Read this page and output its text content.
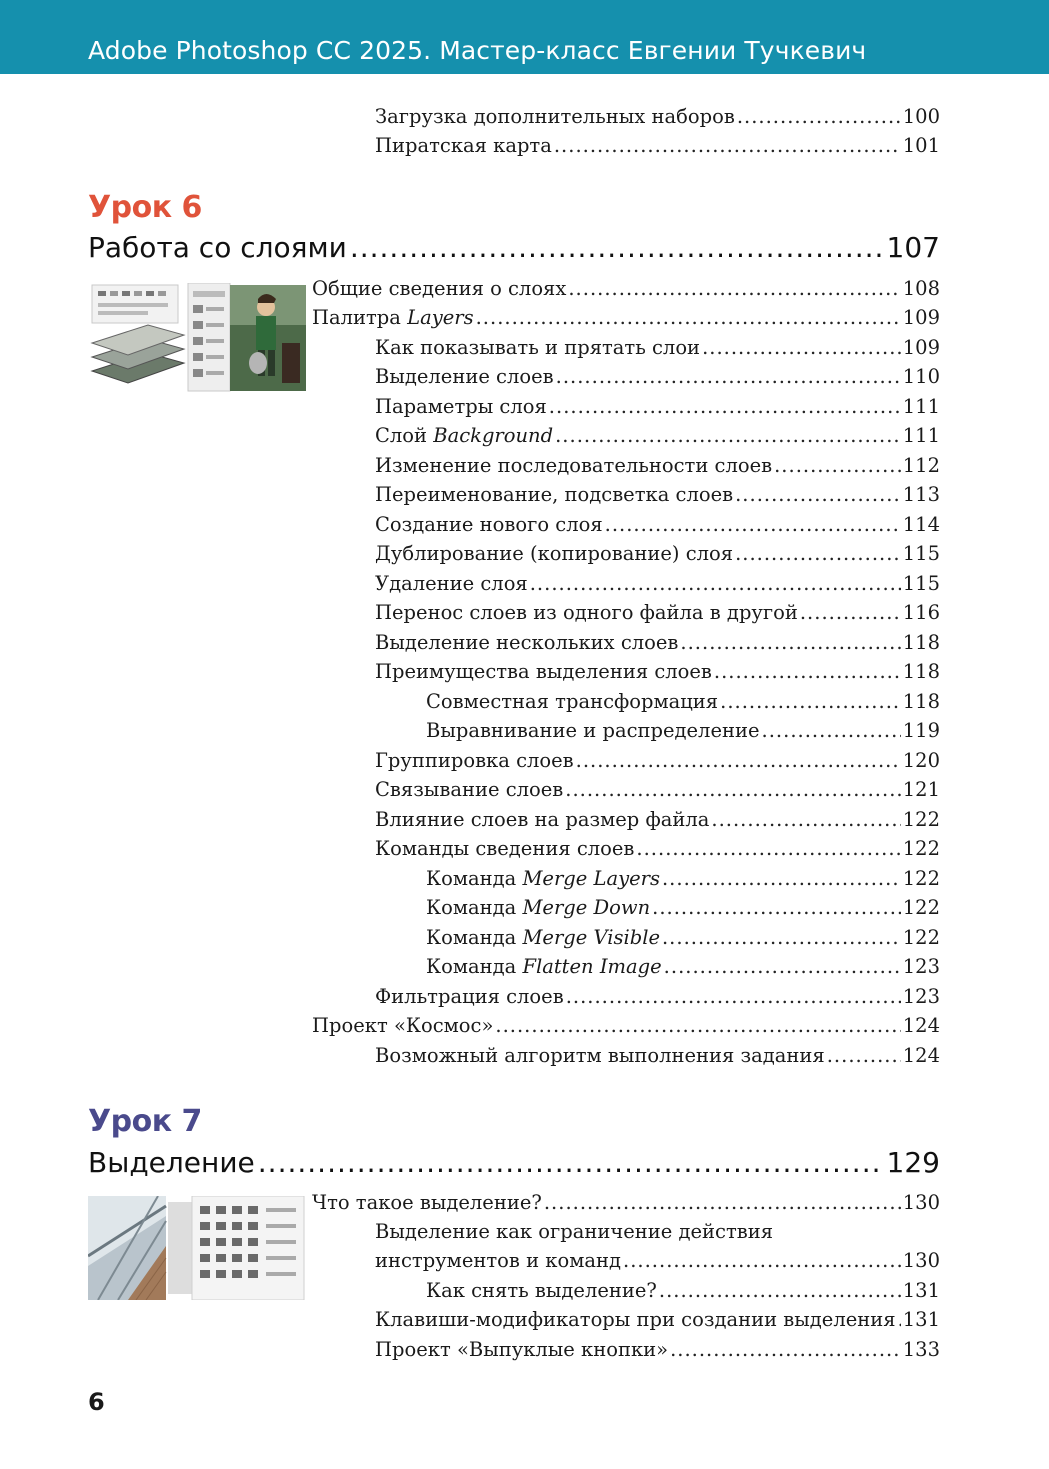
Adobe Photoshop CC 2025. Мастер-класс Евгении Тучкевич
Загрузка дополнительных наборов .....	100
Пиратская карта .....	101
Урок 6
Работа со слоями .....	107
Общие сведения о слоях .....	108
Палитра Layers .....	109
Как показывать и прятать слои .....	109
Выделение слоев .....	110
Параметры слоя .....	111
Слой Background .....	111
Изменение последовательности слоев .....	112
Переименование, подсветка слоев .....	113
Создание нового слоя .....	114
Дублирование (копирование) слоя .....	115
Удаление слоя .....	115
Перенос слоев из одного файла в другой .....	116
Выделение нескольких слоев .....	118
Преимущества выделения слоев .....	118
Совместная трансформация .....	118
Выравнивание и распределение .....	119
Группировка слоев .....	120
Связывание слоев .....	121
Влияние слоев на размер файла .....	122
Команды сведения слоев .....	122
Команда Merge Layers .....	122
Команда Merge Down .....	122
Команда Merge Visible .....	122
Команда Flatten Image .....	123
Фильтрация слоев .....	123
Проект «Космос» .....	124
Возможный алгоритм выполнения задания .....	124
Урок 7
Выделение .....	129
Что такое выделение? .....	130
Выделение как ограничение действия
инструментов и команд .....	130
Как снять выделение? .....	131
Клавиши-модификаторы при создании выделения ..... 131
Проект «Выпуклые кнопки» .....	133
6
